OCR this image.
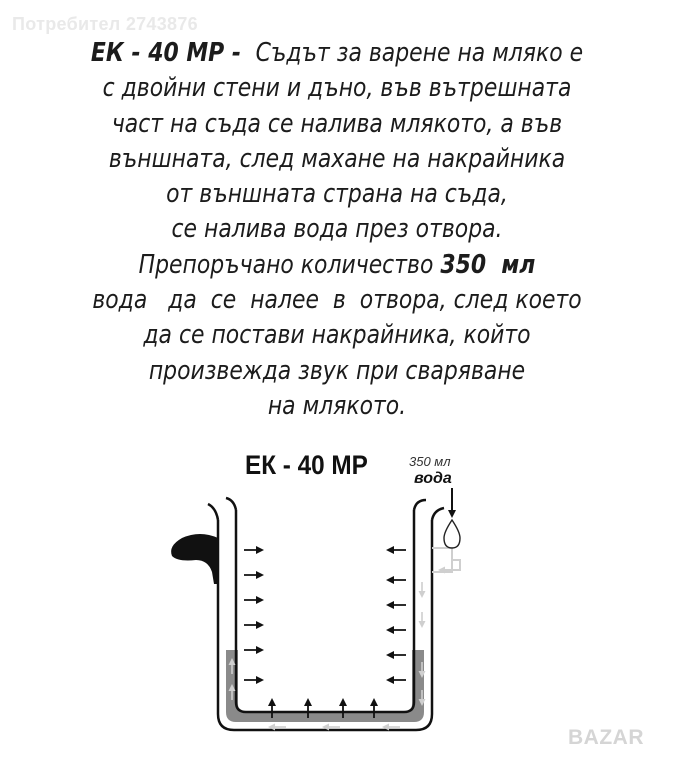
Потребител 2743876
ЕК - 40 МР -  Съдът за варене на мляко е
с двойни стени и дъно, във вътрешната
част на съда се налива млякото, а във
външната, след махане на накрайника
от външната страна на съда,
се налива вода през отвора.
Препоръчано количество 350  мл
вода   да  се  налее  в  отвора, след което
да се постави накрайника, който
произвежда звук при сваряване
на млякото.
ЕК - 40 МР	350 мл
вода
BAZAR
